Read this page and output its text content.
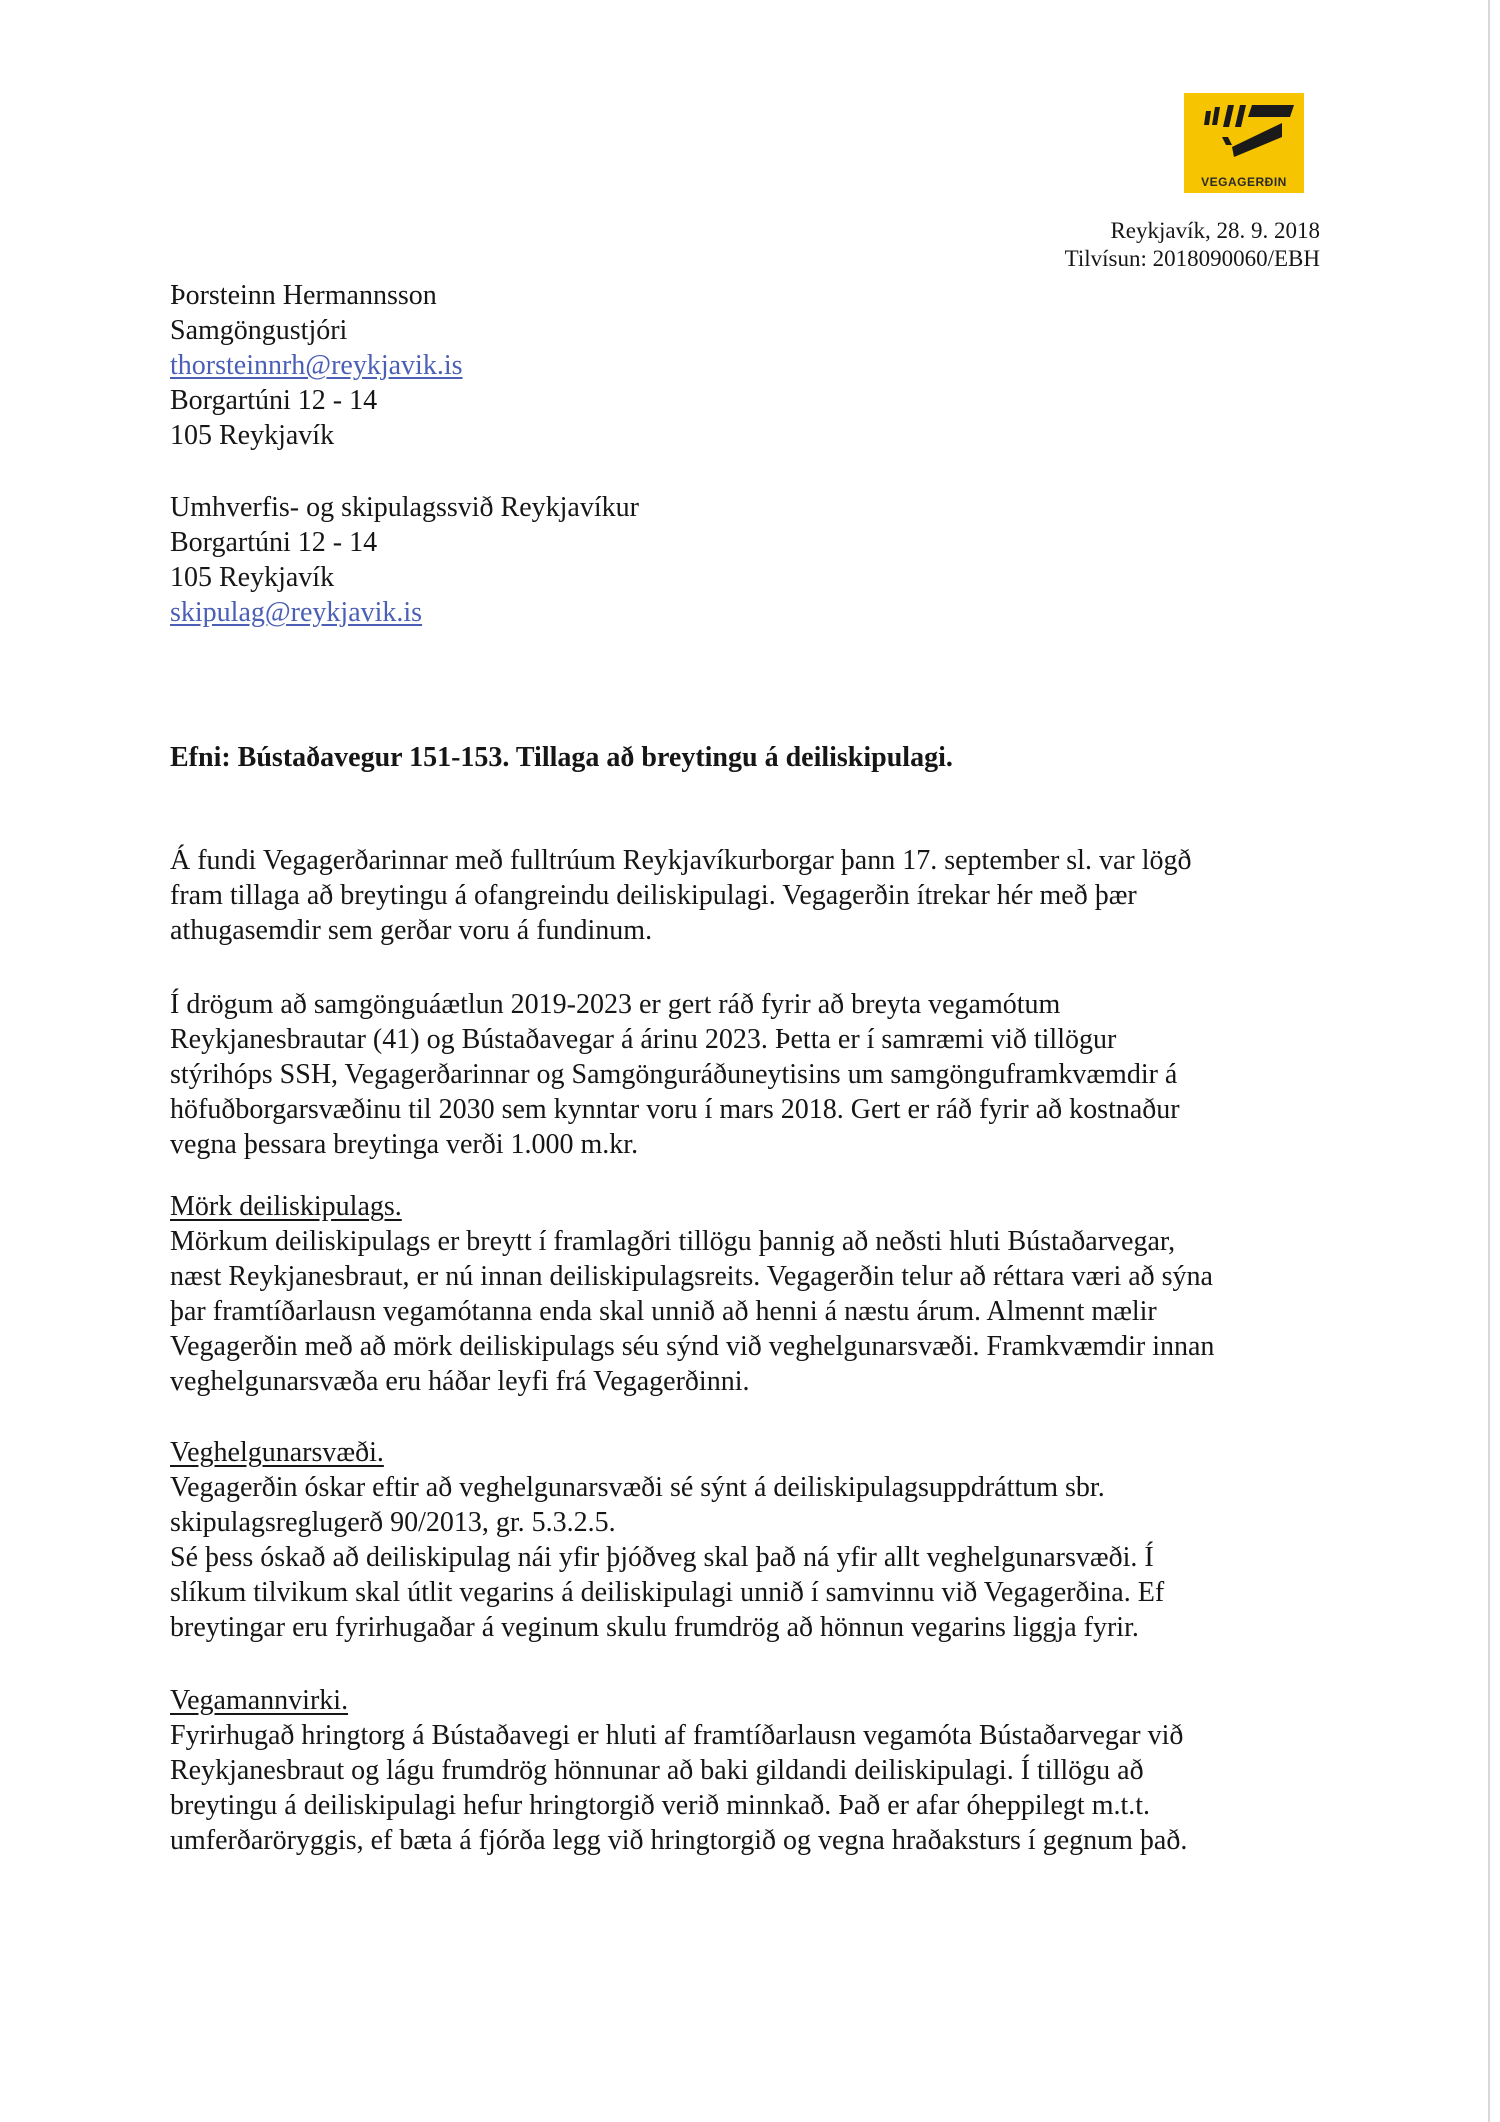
VEGAGERÐIN
Reykjavík, 28. 9. 2018
Tilvísun: 2018090060/EBH
Þorsteinn Hermannsson
Samgöngustjóri
thorsteinnrh@reykjavik.is
Borgartúni 12 - 14
105 Reykjavík
Umhverfis- og skipulagssvið Reykjavíkur
Borgartúni 12 - 14
105 Reykjavík
skipulag@reykjavik.is
Efni: Bústaðavegur 151-153. Tillaga að breytingu á deiliskipulagi.

Á fundi Vegagerðarinnar með fulltrúum Reykjavíkurborgar þann 17. september sl. var lögð

fram tillaga að breytingu á ofangreindu deiliskipulagi. Vegagerðin ítrekar hér með þær

athugasemdir sem gerðar voru á fundinum.

Í drögum að samgönguáætlun 2019-2023 er gert ráð fyrir að breyta vegamótum

Reykjanesbrautar (41) og Bústaðavegar á árinu 2023. Þetta er í samræmi við tillögur

stýrihóps SSH, Vegagerðarinnar og Samgönguráðuneytisins um samgönguframkvæmdir á

höfuðborgarsvæðinu til 2030 sem kynntar voru í mars 2018. Gert er ráð fyrir að kostnaður

vegna þessara breytinga verði 1.000 m.kr.

Mörk deiliskipulags.

Mörkum deiliskipulags er breytt í framlagðri tillögu þannig að neðsti hluti Bústaðarvegar,

næst Reykjanesbraut, er nú innan deiliskipulagsreits. Vegagerðin telur að réttara væri að sýna

þar framtíðarlausn vegamótanna enda skal unnið að henni á næstu árum. Almennt mælir

Vegagerðin með að mörk deiliskipulags séu sýnd við veghelgunarsvæði. Framkvæmdir innan

veghelgunarsvæða eru háðar leyfi frá Vegagerðinni.

Veghelgunarsvæði.

Vegagerðin óskar eftir að veghelgunarsvæði sé sýnt á deiliskipulagsuppdráttum sbr.

skipulagsreglugerð 90/2013, gr. 5.3.2.5.

Sé þess óskað að deiliskipulag nái yfir þjóðveg skal það ná yfir allt veghelgunarsvæði. Í

slíkum tilvikum skal útlit vegarins á deiliskipulagi unnið í samvinnu við Vegagerðina. Ef

breytingar eru fyrirhugaðar á veginum skulu frumdrög að hönnun vegarins liggja fyrir.

Vegamannvirki.

Fyrirhugað hringtorg á Bústaðavegi er hluti af framtíðarlausn vegamóta Bústaðarvegar við

Reykjanesbraut og lágu frumdrög hönnunar að baki gildandi deiliskipulagi. Í tillögu að

breytingu á deiliskipulagi hefur hringtorgið verið minnkað. Það er afar óheppilegt m.t.t.

umferðaröryggis, ef bæta á fjórða legg við hringtorgið og vegna hraðaksturs í gegnum það.
